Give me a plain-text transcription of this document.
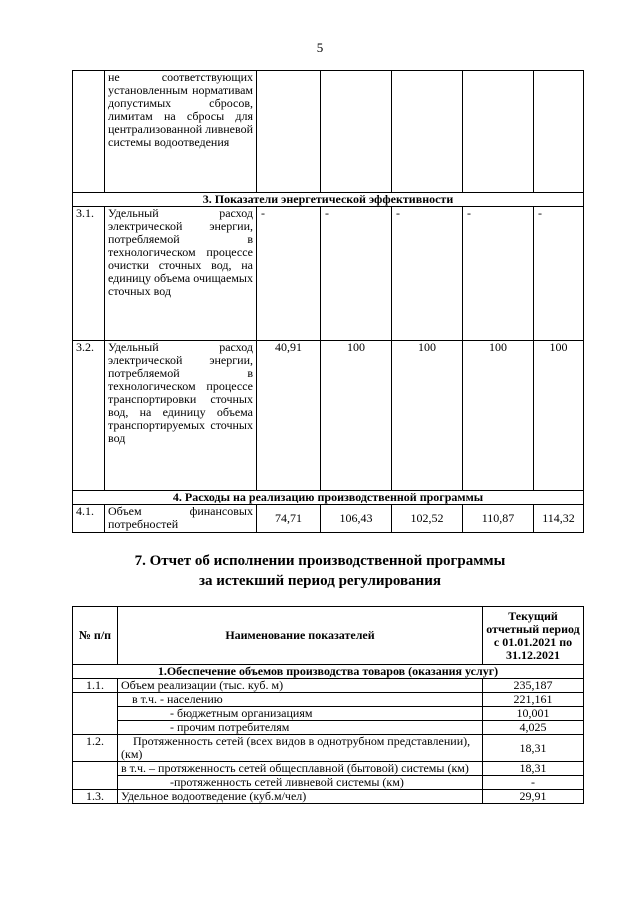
5
	не соответствующих установленным нормативам допустимых сбросов, лимитам на сбросы для централизованной ливневой системы водоотведения					
3. Показатели энергетической эффективности						
3.1.	Удельный расход электрической энергии, потребляемой в технологическом процессе очистки сточных вод, на единицу объема очищаемых сточных вод	-	-	-	-	-
3.2.	Удельный расход электрической энергии, потребляемой в технологическом процессе транспортировки сточных вод, на единицу объема транспортируемых сточных вод	40,91	100	100	100	100
4. Расходы на реализацию производственной программы						
4.1.	Объем финансовых потребностей	74,71	106,43	102,52	110,87	114,32
7. Отчет об исполнении производственной программы
за истекший период регулирования
№ п/п	Наименование показателей	Текущий отчетный период с 01.01.2021 по 31.12.2021
1.Обеспечение объемов производства товаров (оказания услуг)		
1.1.	Объем реализации (тыс. куб. м)	235,187
	в т.ч. - населению	221,161
	- бюджетным организациям	10,001
	- прочим потребителям	4,025
1.2.	Протяженность сетей (всех видов в однотрубном представлении), (км)	18,31
	в т.ч. – протяженность сетей общесплавной (бытовой) системы (км)	18,31
	-протяженность сетей ливневой системы (км)	-
1.3.	Удельное водоотведение (куб.м/чел)	29,91
